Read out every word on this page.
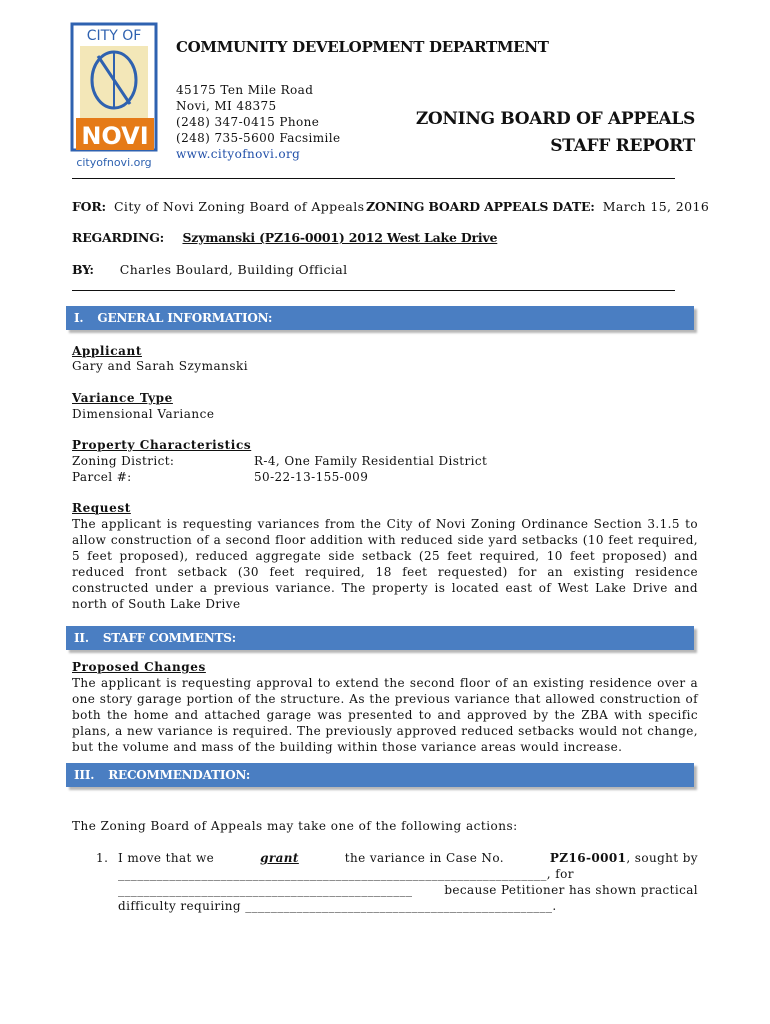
CITY OF
NOVI
cityofnovi.org
COMMUNITY DEVELOPMENT DEPARTMENT
45175 Ten Mile Road
Novi, MI 48375
(248) 347-0415 Phone
(248) 735-5600 Facsimile
www.cityofnovi.org
ZONING BOARD OF APPEALS
STAFF REPORT
FOR: City of Novi Zoning Board of Appeals ZONING BOARD APPEALS DATE: March 15, 2016
REGARDING: Szymanski (PZ16-0001) 2012 West Lake Drive
BY: Charles Boulard, Building Official
I. GENERAL INFORMATION:
Applicant
Gary and Sarah Szymanski
Variance Type
Dimensional Variance
Property Characteristics
Zoning District:	R-4, One Family Residential District
Parcel #:	50-22-13-155-009
Request
The applicant is requesting variances from the City of Novi Zoning Ordinance Section 3.1.5 to allow construction of a second floor addition with reduced side yard setbacks (10 feet required, 5 feet proposed), reduced aggregate side setback (25 feet required, 10 feet proposed) and reduced front setback (30 feet required, 18 feet requested) for an existing residence constructed under a previous variance. The property is located east of West Lake Drive and north of South Lake Drive
II. STAFF COMMENTS:
Proposed Changes
The applicant is requesting approval to extend the second floor of an existing residence over a one story garage portion of the structure. As the previous variance that allowed construction of both the home and attached garage was presented to and approved by the ZBA with specific plans, a new variance is required. The previously approved reduced setbacks would not change, but the volume and mass of the building within those variance areas would increase.
III. RECOMMENDATION:
The Zoning Board of Appeals may take one of the following actions:
1. I move that we	grant	the variance in Case No.	PZ16-0001, sought by
___________________________________________________________________, for
______________________________________________	because Petitioner has shown practical
difficulty requiring ________________________________________________.
